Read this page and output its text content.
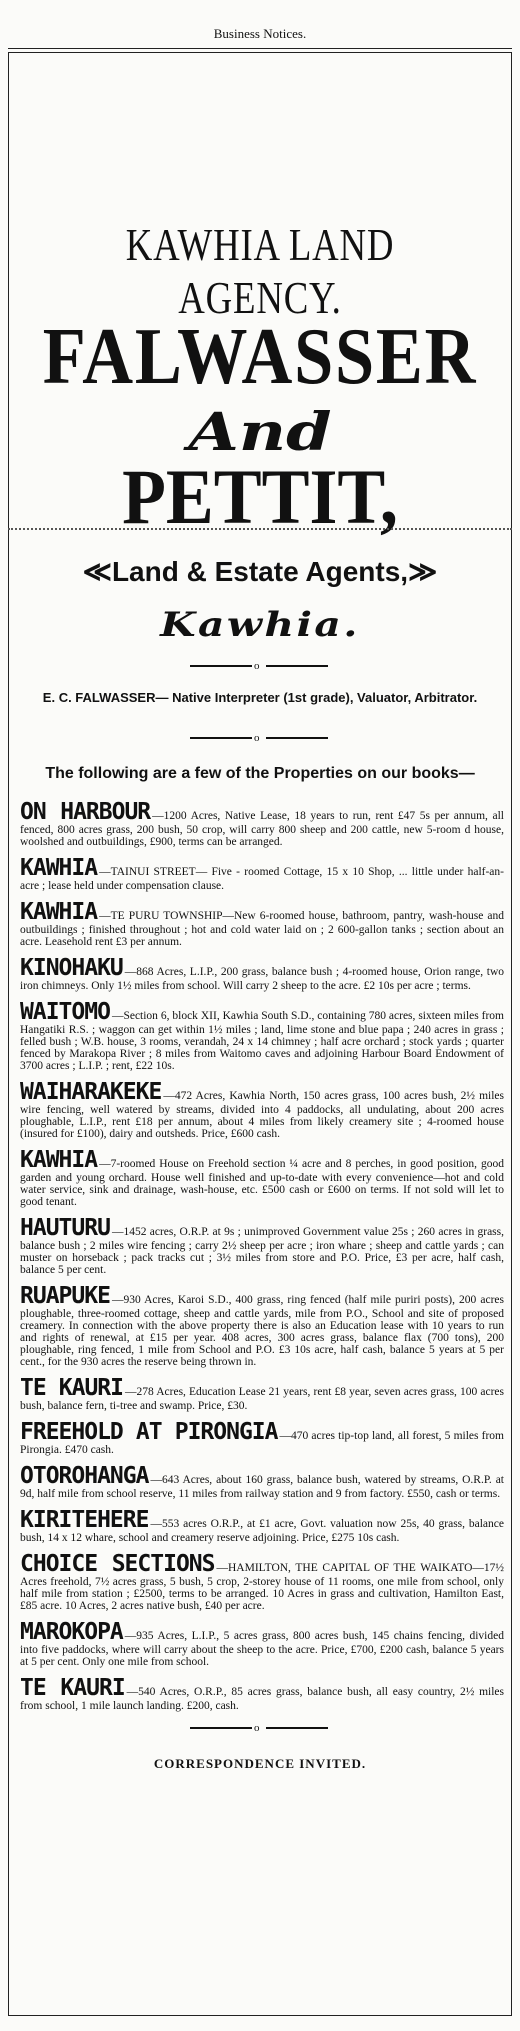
Business Notices.
KAWHIA LAND AGENCY.
FALWASSER
And
PETTIT,
≪Land & Estate Agents,≫
Kawhia.
o
E. C. FALWASSER— Native Interpreter (1st grade), Valuator, Arbitrator.
o
The following are a few of the Properties on our books—
ON HARBOUR —1200 Acres, Native Lease, 18 years to run, rent £47 5s per annum, all fenced, 800 acres grass, 200 bush, 50 crop, will carry 800 sheep and 200 cattle, new 5-room d house, woolshed and outbuildings, £900, terms can be arranged.
KAWHIA —TAINUI STREET— Five - roomed Cottage, 15 x 10 Shop, ... little under half-an-acre ; lease held under compensation clause.
KAWHIA —TE PURU TOWNSHIP—New 6-roomed house, bathroom, pantry, wash-house and outbuildings ; finished throughout ; hot and cold water laid on ; 2 600-gallon tanks ; section about an acre. Leasehold rent £3 per annum.
KINOHAKU —868 Acres, L.I.P., 200 grass, balance bush ; 4-roomed house, Orion range, two iron chimneys. Only 1½ miles from school. Will carry 2 sheep to the acre. £2 10s per acre ; terms.
WAITOMO —Section 6, block XII, Kawhia South S.D., containing 780 acres, sixteen miles from Hangatiki R.S. ; waggon can get within 1½ miles ; land, lime stone and blue papa ; 240 acres in grass ; felled bush ; W.B. house, 3 rooms, verandah, 24 x 14 chimney ; half acre orchard ; stock yards ; quarter fenced by Marakopa River ; 8 miles from Waitomo caves and adjoining Harbour Board Endowment of 3700 acres ; L.I.P. ; rent, £22 10s.
WAIHARAKEKE —472 Acres, Kawhia North, 150 acres grass, 100 acres bush, 2½ miles wire fencing, well watered by streams, divided into 4 paddocks, all undulating, about 200 acres ploughable, L.I.P., rent £18 per annum, about 4 miles from likely creamery site ; 4-roomed house (insured for £100), dairy and outsheds. Price, £600 cash.
KAWHIA —7-roomed House on Freehold section ¼ acre and 8 perches, in good position, good garden and young orchard. House well finished and up-to-date with every convenience—hot and cold water service, sink and drainage, wash-house, etc. £500 cash or £600 on terms. If not sold will let to good tenant.
HAUTURU —1452 acres, O.R.P. at 9s ; unimproved Government value 25s ; 260 acres in grass, balance bush ; 2 miles wire fencing ; carry 2½ sheep per acre ; iron whare ; sheep and cattle yards ; can muster on horseback ; pack tracks cut ; 3½ miles from store and P.O. Price, £3 per acre, half cash, balance 5 per cent.
RUAPUKE —930 Acres, Karoi S.D., 400 grass, ring fenced (half mile puriri posts), 200 acres ploughable, three-roomed cottage, sheep and cattle yards, mile from P.O., School and site of proposed creamery. In connection with the above property there is also an Education lease with 10 years to run and rights of renewal, at £15 per year. 408 acres, 300 acres grass, balance flax (700 tons), 200 ploughable, ring fenced, 1 mile from School and P.O. £3 10s acre, half cash, balance 5 years at 5 per cent., for the 930 acres the reserve being thrown in.
TE KAURI —278 Acres, Education Lease 21 years, rent £8 year, seven acres grass, 100 acres bush, balance fern, ti-tree and swamp. Price, £30.
FREEHOLD AT PIRONGIA —470 acres tip-top land, all forest, 5 miles from Pirongia. £470 cash.
OTOROHANGA —643 Acres, about 160 grass, balance bush, watered by streams, O.R.P. at 9d, half mile from school reserve, 11 miles from railway station and 9 from factory. £550, cash or terms.
KIRITEHERE —553 acres O.R.P., at £1 acre, Govt. valuation now 25s, 40 grass, balance bush, 14 x 12 whare, school and creamery reserve adjoining. Price, £275 10s cash.
CHOICE SECTIONS —HAMILTON, THE CAPITAL OF THE WAIKATO—17½ Acres freehold, 7½ acres grass, 5 bush, 5 crop, 2-storey house of 11 rooms, one mile from school, only half mile from station ; £2500, terms to be arranged. 10 Acres in grass and cultivation, Hamilton East, £85 acre. 10 Acres, 2 acres native bush, £40 per acre.
MAROKOPA —935 Acres, L.I.P., 5 acres grass, 800 acres bush, 145 chains fencing, divided into five paddocks, where will carry about the sheep to the acre. Price, £700, £200 cash, balance 5 years at 5 per cent. Only one mile from school.
TE KAURI —540 Acres, O.R.P., 85 acres grass, balance bush, all easy country, 2½ miles from school, 1 mile launch landing. £200, cash.
o
CORRESPONDENCE INVITED.
